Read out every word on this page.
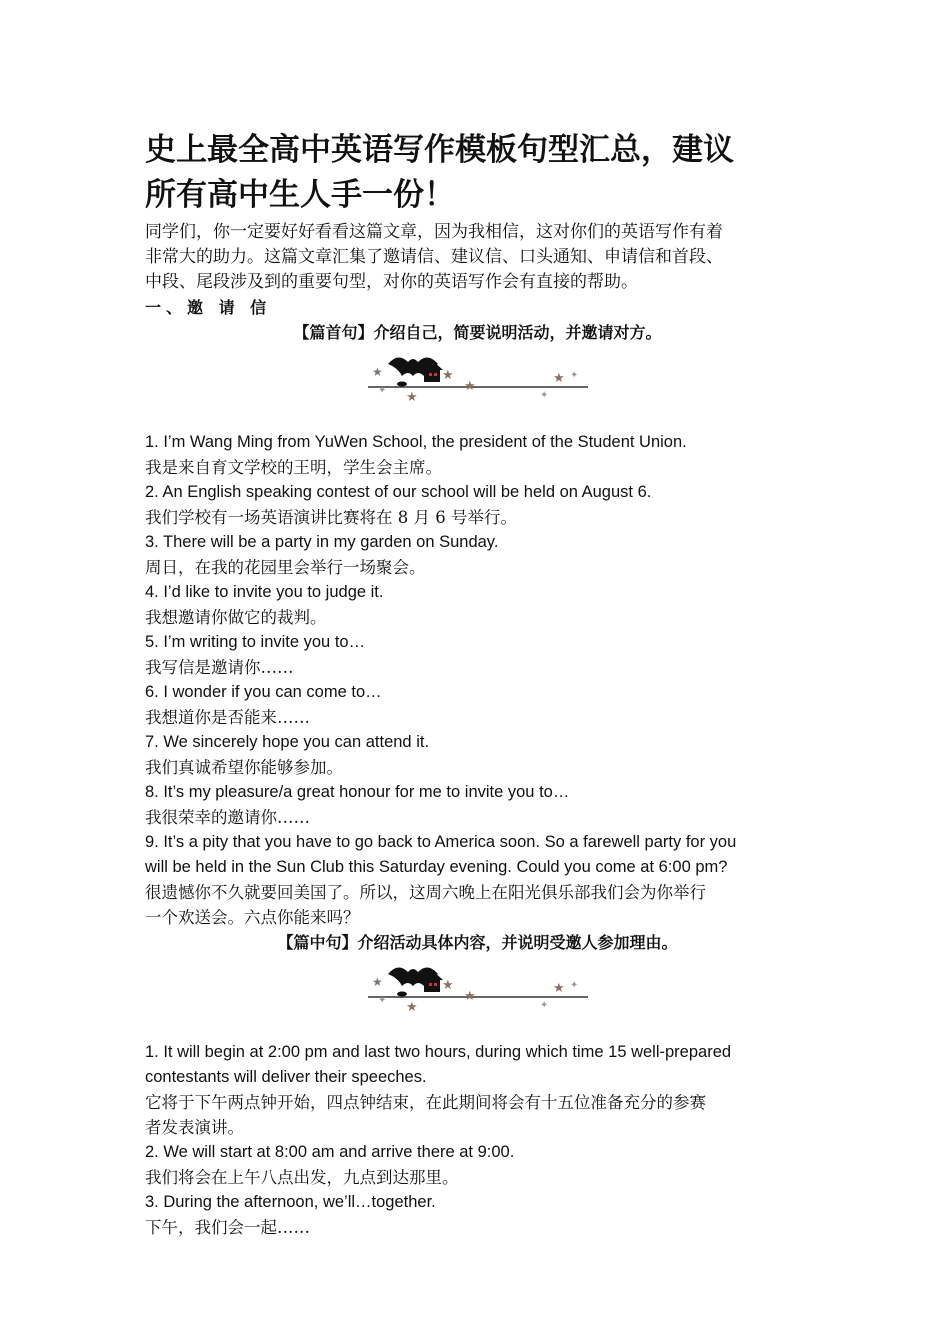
史上最全高中英语写作模板句型汇总，建议
所有高中生人手一份！

同学们，你一定要好好看看这篇文章，因为我相信，这对你们的英语写作有着
非常大的助力。这篇文章汇集了邀请信、建议信、口头通知、申请信和首段、
中段、尾段涉及到的重要句型，对你的英语写作会有直接的帮助。

一、邀 请 信

【篇首句】介绍自己，简要说明活动，并邀请对方。

★	★
★
★
✦
★
✦
✦

1. I’m Wang Ming from YuWen School, the president of the Student Union.

我是来自育文学校的王明，学生会主席。

2. An English speaking contest of our school will be held on August 6.

我们学校有一场英语演讲比赛将在 8 月 6 号举行。

3. There will be a party in my garden on Sunday.

周日，在我的花园里会举行一场聚会。

4. I’d like to invite you to judge it.

我想邀请你做它的裁判。

5. I’m writing to invite you to…

我写信是邀请你……

6. I wonder if you can come to…

我想道你是否能来……

7. We sincerely hope you can attend it.

我们真诚希望你能够参加。

8. It’s my pleasure/a great honour for me to invite you to…

我很荣幸的邀请你……

9. It’s a pity that you have to go back to America soon. So a farewell party for you

will be held in the Sun Club this Saturday evening. Could you come at 6:00 pm?

很遗憾你不久就要回美国了。所以，这周六晚上在阳光俱乐部我们会为你举行

一个欢送会。六点你能来吗？

【篇中句】介绍活动具体内容，并说明受邀人参加理由。

★	★
★
★
✦
★
✦
✦

1. It will begin at 2:00 pm and last two hours, during which time 15 well-prepared

contestants will deliver their speeches.

它将于下午两点钟开始，四点钟结束，在此期间将会有十五位准备充分的参赛

者发表演讲。

2. We will start at 8:00 am and arrive there at 9:00.

我们将会在上午八点出发，九点到达那里。

3. During the afternoon, we’ll…together.

下午，我们会一起……
